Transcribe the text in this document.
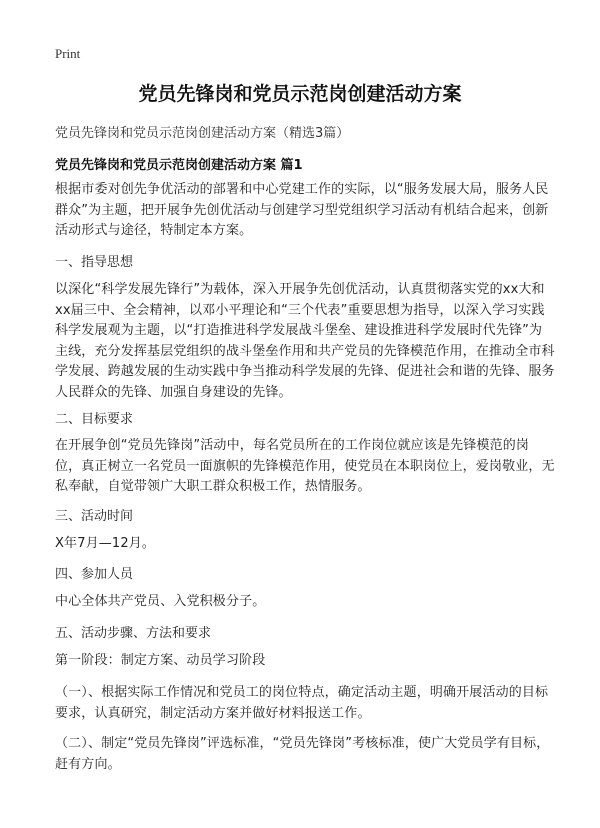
Print
党员先锋岗和党员示范岗创建活动方案
党员先锋岗和党员示范岗创建活动方案（精选3篇）
党员先锋岗和党员示范岗创建活动方案 篇1

根据市委对创先争优活动的部署和中心党建工作的实际，以“服务发展大局，服务人民群众”为主题，把开展争先创优活动与创建学习型党组织学习活动有机结合起来，创新活动形式与途径，特制定本方案。

一、指导思想

以深化“科学发展先锋行”为载体，深入开展争先创优活动，认真贯彻落实党的xx大和xx届三中、全会精神，以邓小平理论和“三个代表”重要思想为指导，以深入学习实践科学发展观为主题，以“打造推进科学发展战斗堡垒、建设推进科学发展时代先锋”为主线，充分发挥基层党组织的战斗堡垒作用和共产党员的先锋模范作用，在推动全市科学发展、跨越发展的生动实践中争当推动科学发展的先锋、促进社会和谐的先锋、服务人民群众的先锋、加强自身建设的先锋。

二、目标要求

在开展争创“党员先锋岗”活动中，每名党员所在的工作岗位就应该是先锋模范的岗位，真正树立一名党员一面旗帜的先锋模范作用，使党员在本职岗位上，爱岗敬业，无私奉献，自觉带领广大职工群众积极工作，热情服务。

三、活动时间

X年7月—12月。

四、参加人员

中心全体共产党员、入党积极分子。

五、活动步骤、方法和要求

第一阶段：制定方案、动员学习阶段

（一）、根据实际工作情况和党员工的岗位特点，确定活动主题，明确开展活动的目标要求，认真研究，制定活动方案并做好材料报送工作。

（二）、制定“党员先锋岗”评选标准，“党员先锋岗”考核标准，使广大党员学有目标，赶有方向。
